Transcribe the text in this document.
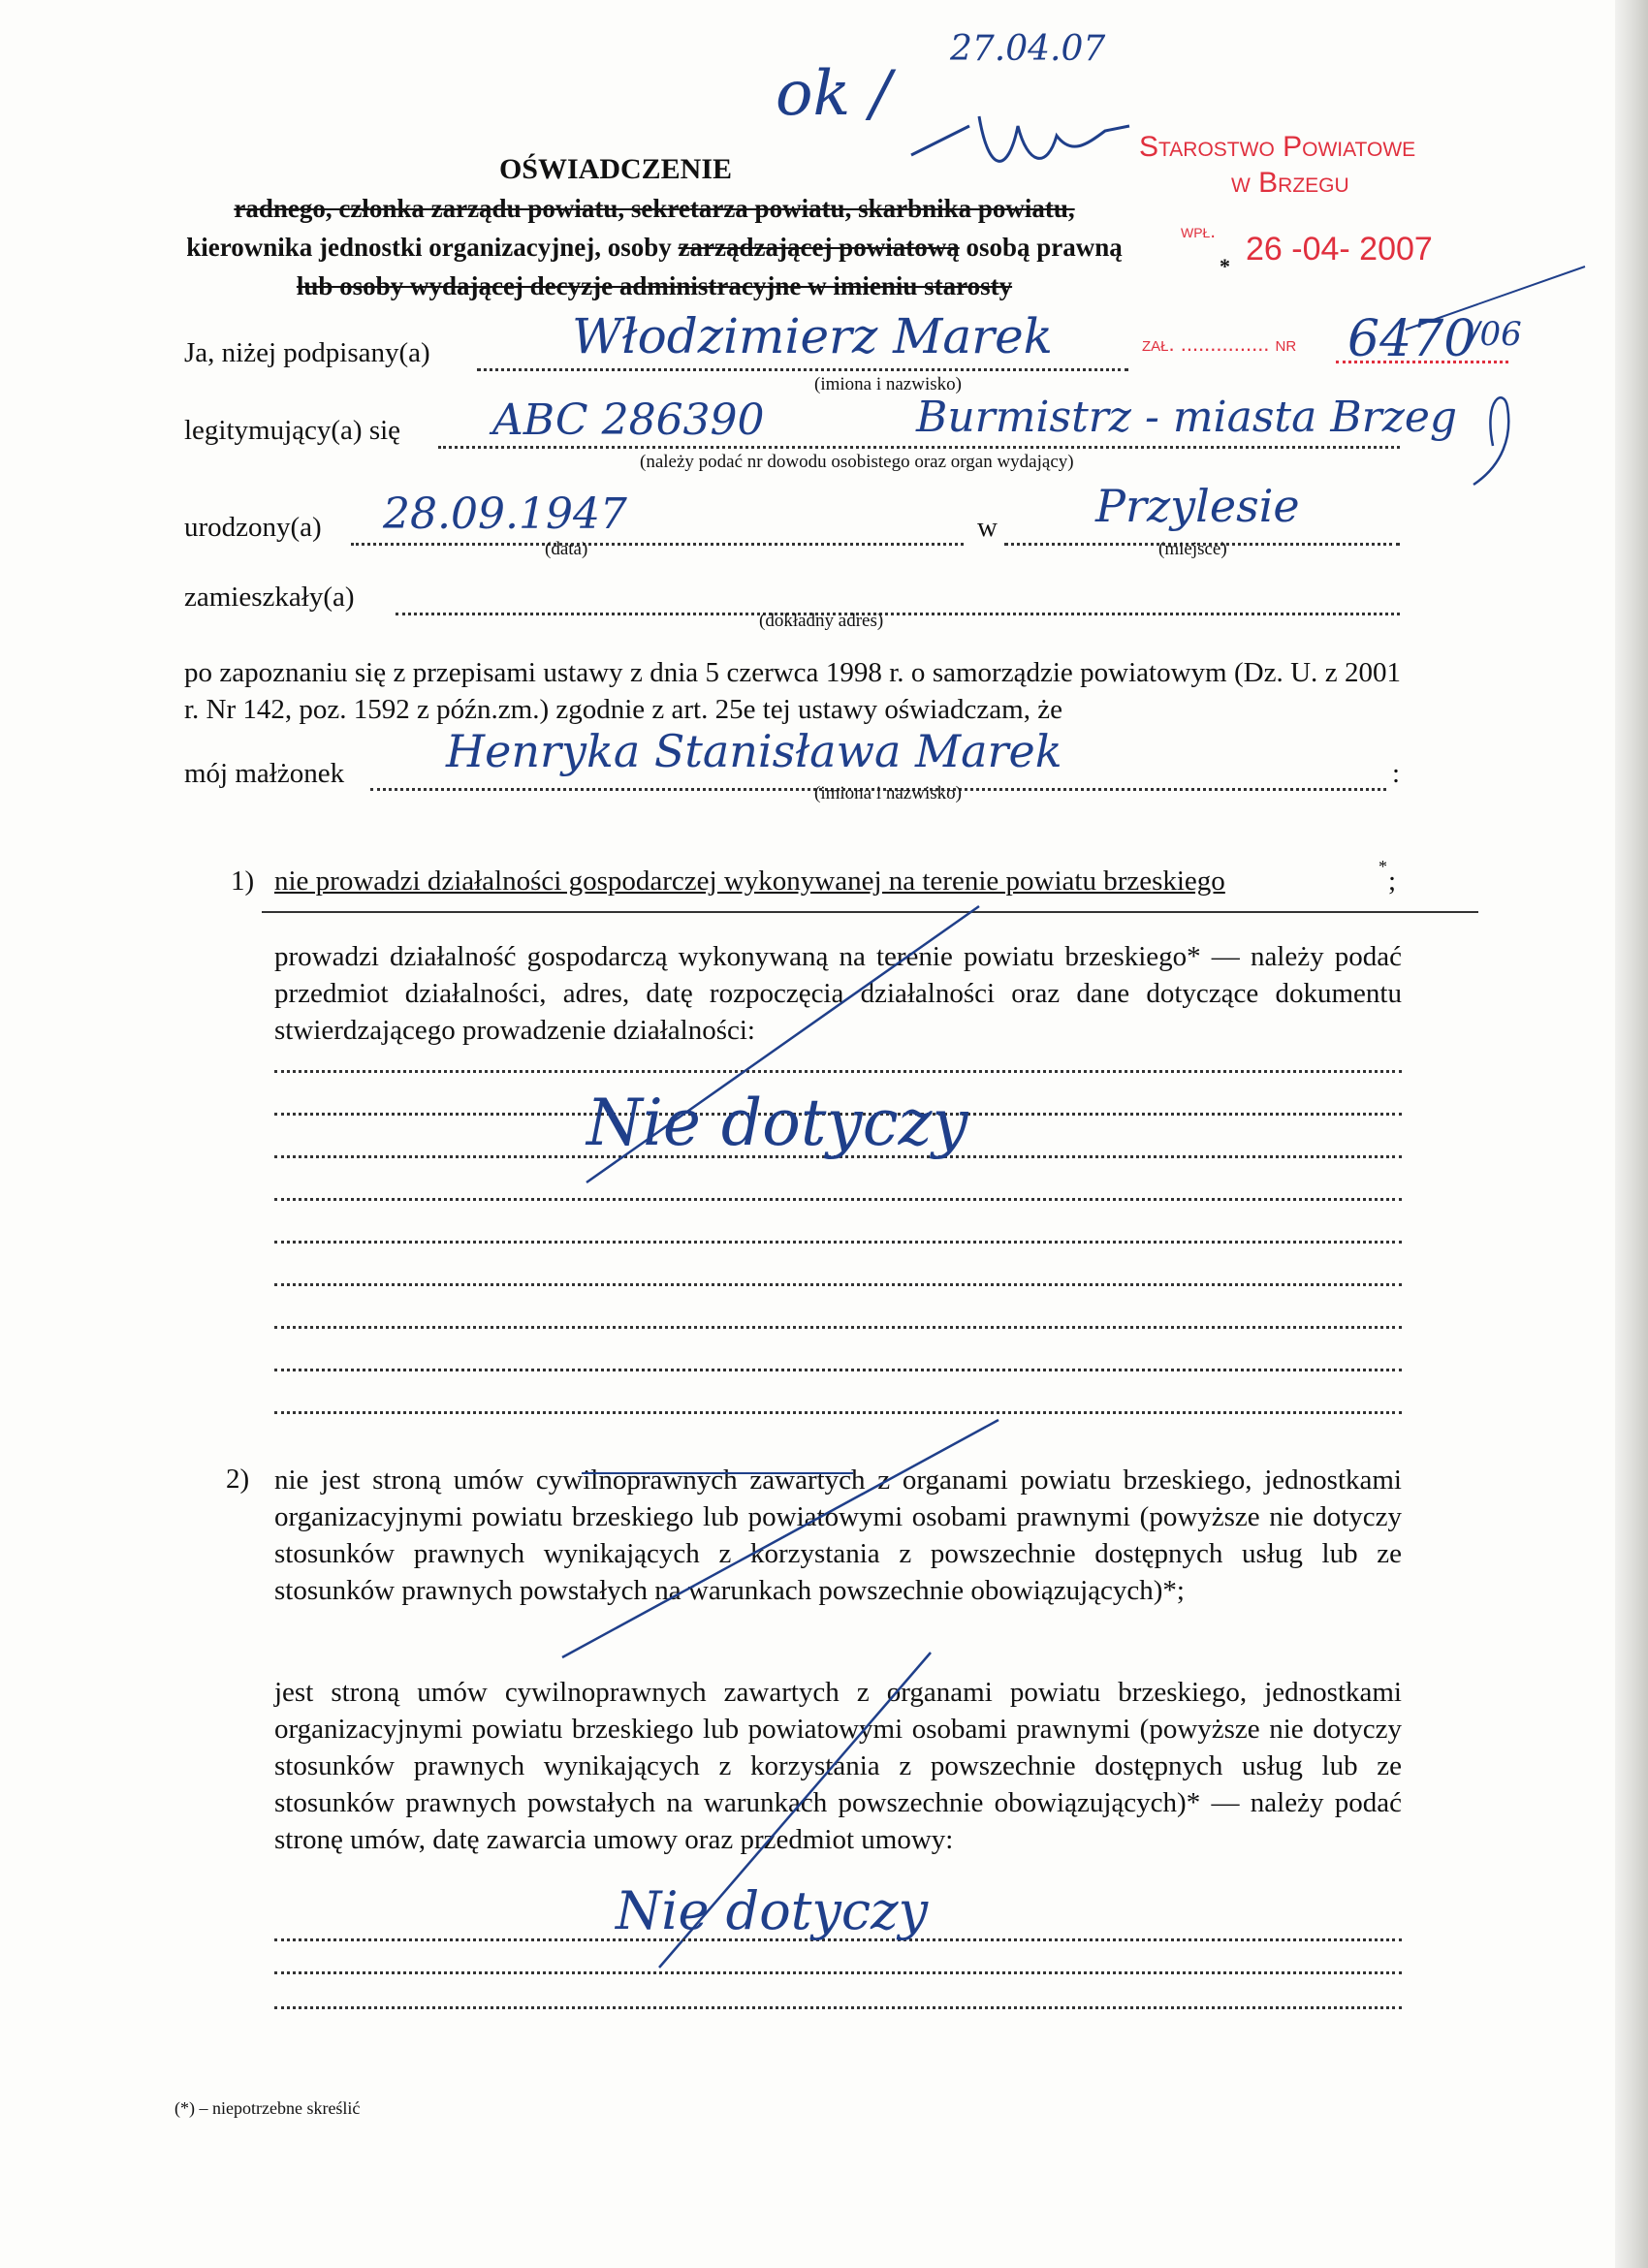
ok /
27.04.07
Starostwo Powiatowe
w Brzegu
wpł. 26 -04- 2007
zał. ............... nr 6470
/06
OŚWIADCZENIE
radnego, członka zarządu powiatu, sekretarza powiatu, skarbnika powiatu,
kierownika jednostki organizacyjnej, osoby zarządzającej powiatową osobą prawną
lub osoby wydającej decyzje administracyjne w imieniu starosty
*
Ja, niżej podpisany(a)	Włodzimierz Marek
(imiona i nazwisko)
legitymujący(a) się ABC 286390	Burmistrz - miasta Brzeg
(należy podać nr dowodu osobistego oraz organ wydający)
urodzony(a) 28.09.1947
(data)
w Przylesie
(miejsce)
zamieszkały(a)
(dokładny adres)
po zapoznaniu się z przepisami ustawy z dnia 5 czerwca 1998 r. o samorządzie powiatowym (Dz. U. z 2001 r. Nr 142, poz. 1592 z późn.zm.) zgodnie z art. 25e tej ustawy oświadczam, że
mój małżonek	:
Henryka Stanisława Marek
(imiona i nazwisko)
1) nie prowadzi działalności gospodarczej wykonywanej na terenie powiatu brzeskiego	* ;
prowadzi działalność gospodarczą wykonywaną na terenie powiatu brzeskiego* — należy podać przedmiot działalności, adres, datę rozpoczęcia działalności oraz dane dotyczące dokumentu stwierdzającego prowadzenie działalności:
Nie dotyczy
2) nie jest stroną umów cywilnoprawnych zawartych z organami powiatu brzeskiego, jednostkami organizacyjnymi powiatu brzeskiego lub powiatowymi osobami prawnymi (powyższe nie dotyczy stosunków prawnych wynikających z korzystania z powszechnie dostępnych usług lub ze stosunków prawnych powstałych na warunkach powszechnie obowiązujących)*;
jest stroną umów cywilnoprawnych zawartych z organami powiatu brzeskiego, jednostkami organizacyjnymi powiatu brzeskiego lub powiatowymi osobami prawnymi (powyższe nie dotyczy stosunków prawnych wynikających z korzystania z powszechnie dostępnych usług lub ze stosunków prawnych powstałych na warunkach powszechnie obowiązujących)* — należy podać stronę umów, datę zawarcia umowy oraz przedmiot umowy:
Nie dotyczy
(*) – niepotrzebne skreślić
